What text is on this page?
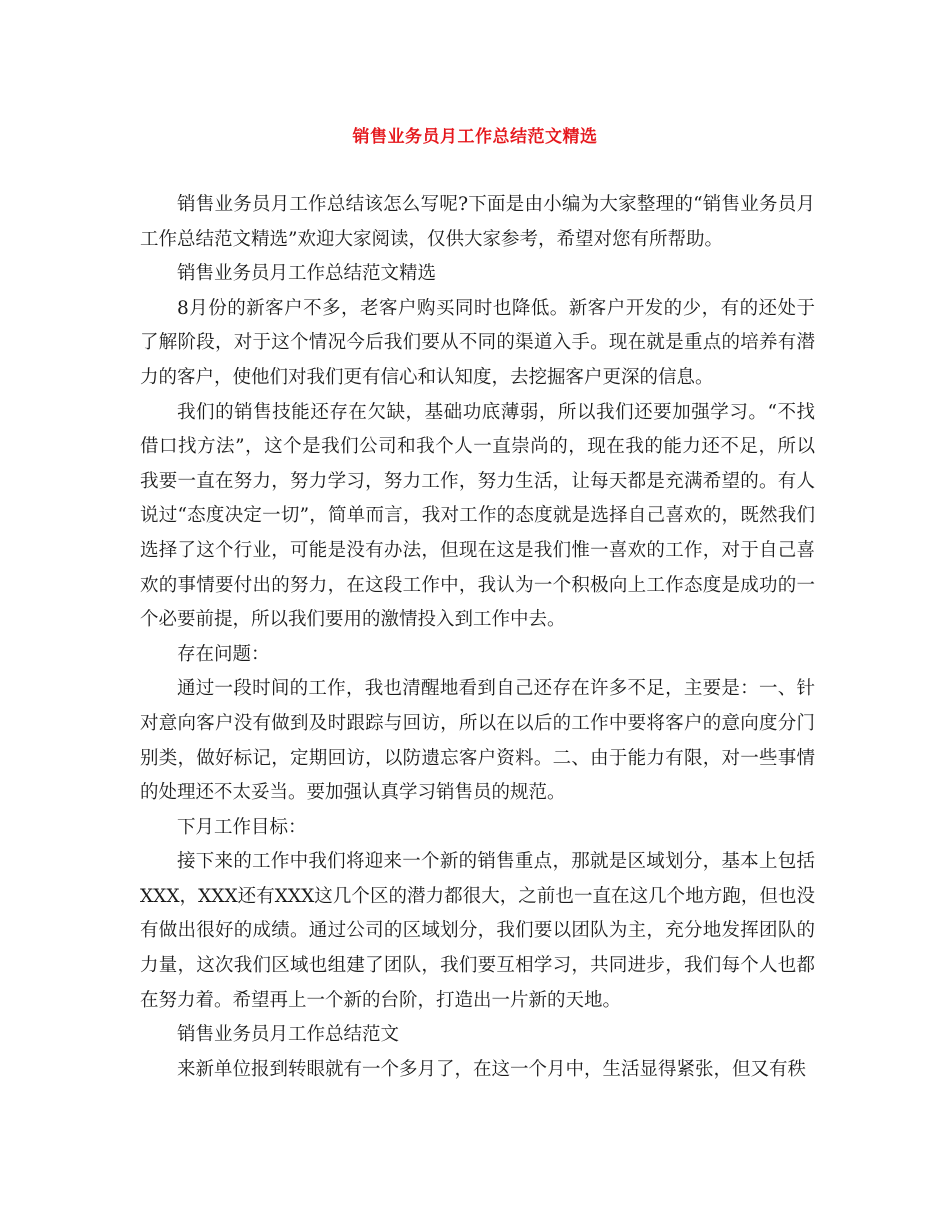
销售业务员月工作总结范文精选

销售业务员月工作总结该怎么写呢?下面是由小编为大家整理的“销售业务员月工作总结范文精选”欢迎大家阅读，仅供大家参考，希望对您有所帮助。

销售业务员月工作总结范文精选

8月份的新客户不多，老客户购买同时也降低。新客户开发的少，有的还处于了解阶段，对于这个情况今后我们要从不同的渠道入手。现在就是重点的培养有潜力的客户，使他们对我们更有信心和认知度，去挖掘客户更深的信息。

我们的销售技能还存在欠缺，基础功底薄弱，所以我们还要加强学习。“不找借口找方法”，这个是我们公司和我个人一直崇尚的，现在我的能力还不足，所以我要一直在努力，努力学习，努力工作，努力生活，让每天都是充满希望的。有人说过“态度决定一切”，简单而言，我对工作的态度就是选择自己喜欢的，既然我们选择了这个行业，可能是没有办法，但现在这是我们惟一喜欢的工作，对于自己喜欢的事情要付出的努力，在这段工作中，我认为一个积极向上工作态度是成功的一个必要前提，所以我们要用的激情投入到工作中去。

存在问题：

通过一段时间的工作，我也清醒地看到自己还存在许多不足，主要是：一、针对意向客户没有做到及时跟踪与回访，所以在以后的工作中要将客户的意向度分门别类，做好标记，定期回访，以防遗忘客户资料。二、由于能力有限，对一些事情的处理还不太妥当。要加强认真学习销售员的规范。

下月工作目标：

接下来的工作中我们将迎来一个新的销售重点，那就是区域划分，基本上包括XXX，XXX还有XXX这几个区的潜力都很大，之前也一直在这几个地方跑，但也没有做出很好的成绩。通过公司的区域划分，我们要以团队为主，充分地发挥团队的力量，这次我们区域也组建了团队，我们要互相学习，共同进步，我们每个人也都在努力着。希望再上一个新的台阶，打造出一片新的天地。

销售业务员月工作总结范文

来新单位报到转眼就有一个多月了，在这一个月中，生活显得紧张，但又有秩
